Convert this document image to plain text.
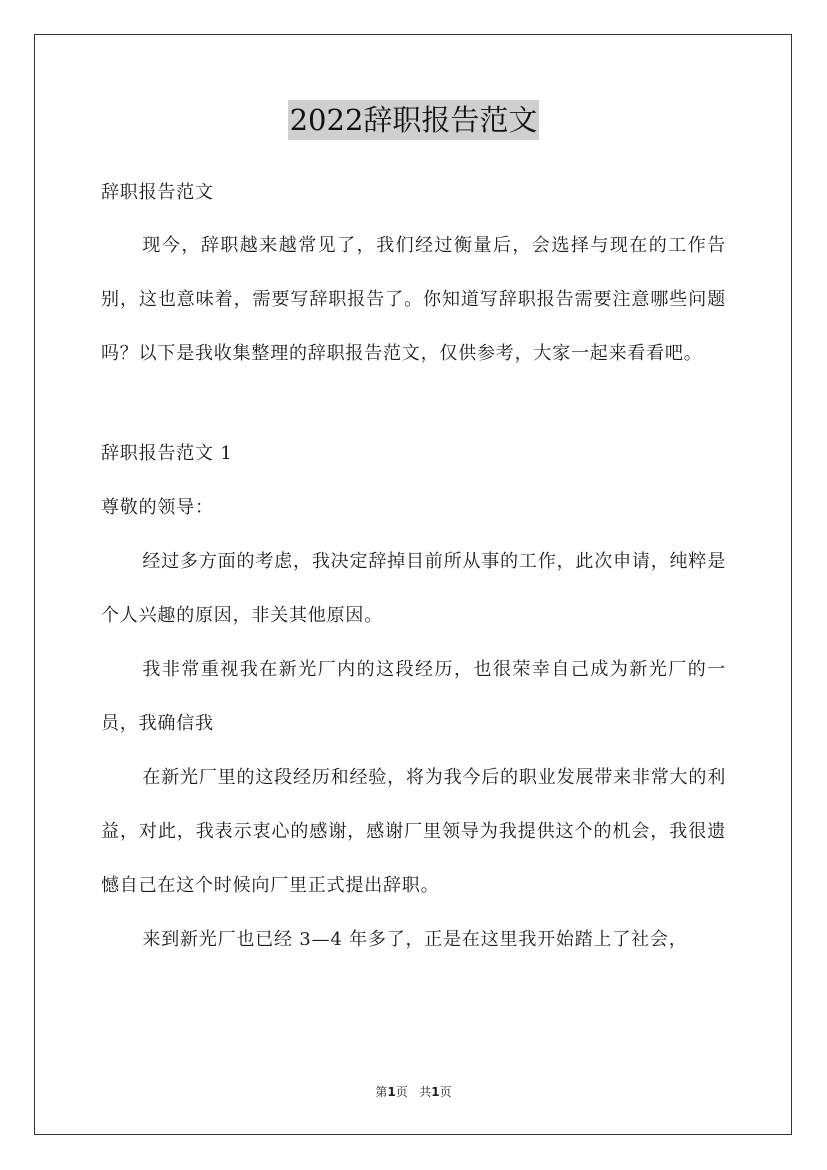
2022辞职报告范文

辞职报告范文

现今，辞职越来越常见了，我们经过衡量后，会选择与现在的工作告别，这也意味着，需要写辞职报告了。你知道写辞职报告需要注意哪些问题吗？以下是我收集整理的辞职报告范文，仅供参考，大家一起来看看吧。

辞职报告范文 1

尊敬的领导：

经过多方面的考虑，我决定辞掉目前所从事的工作，此次申请，纯粹是个人兴趣的原因，非关其他原因。

我非常重视我在新光厂内的这段经历，也很荣幸自己成为新光厂的一员，我确信我

在新光厂里的这段经历和经验，将为我今后的职业发展带来非常大的利益，对此，我表示衷心的感谢，感谢厂里领导为我提供这个的机会，我很遗憾自己在这个时候向厂里正式提出辞职。

来到新光厂也已经 3—4 年多了，正是在这里我开始踏上了社会，

第1页 共1页
